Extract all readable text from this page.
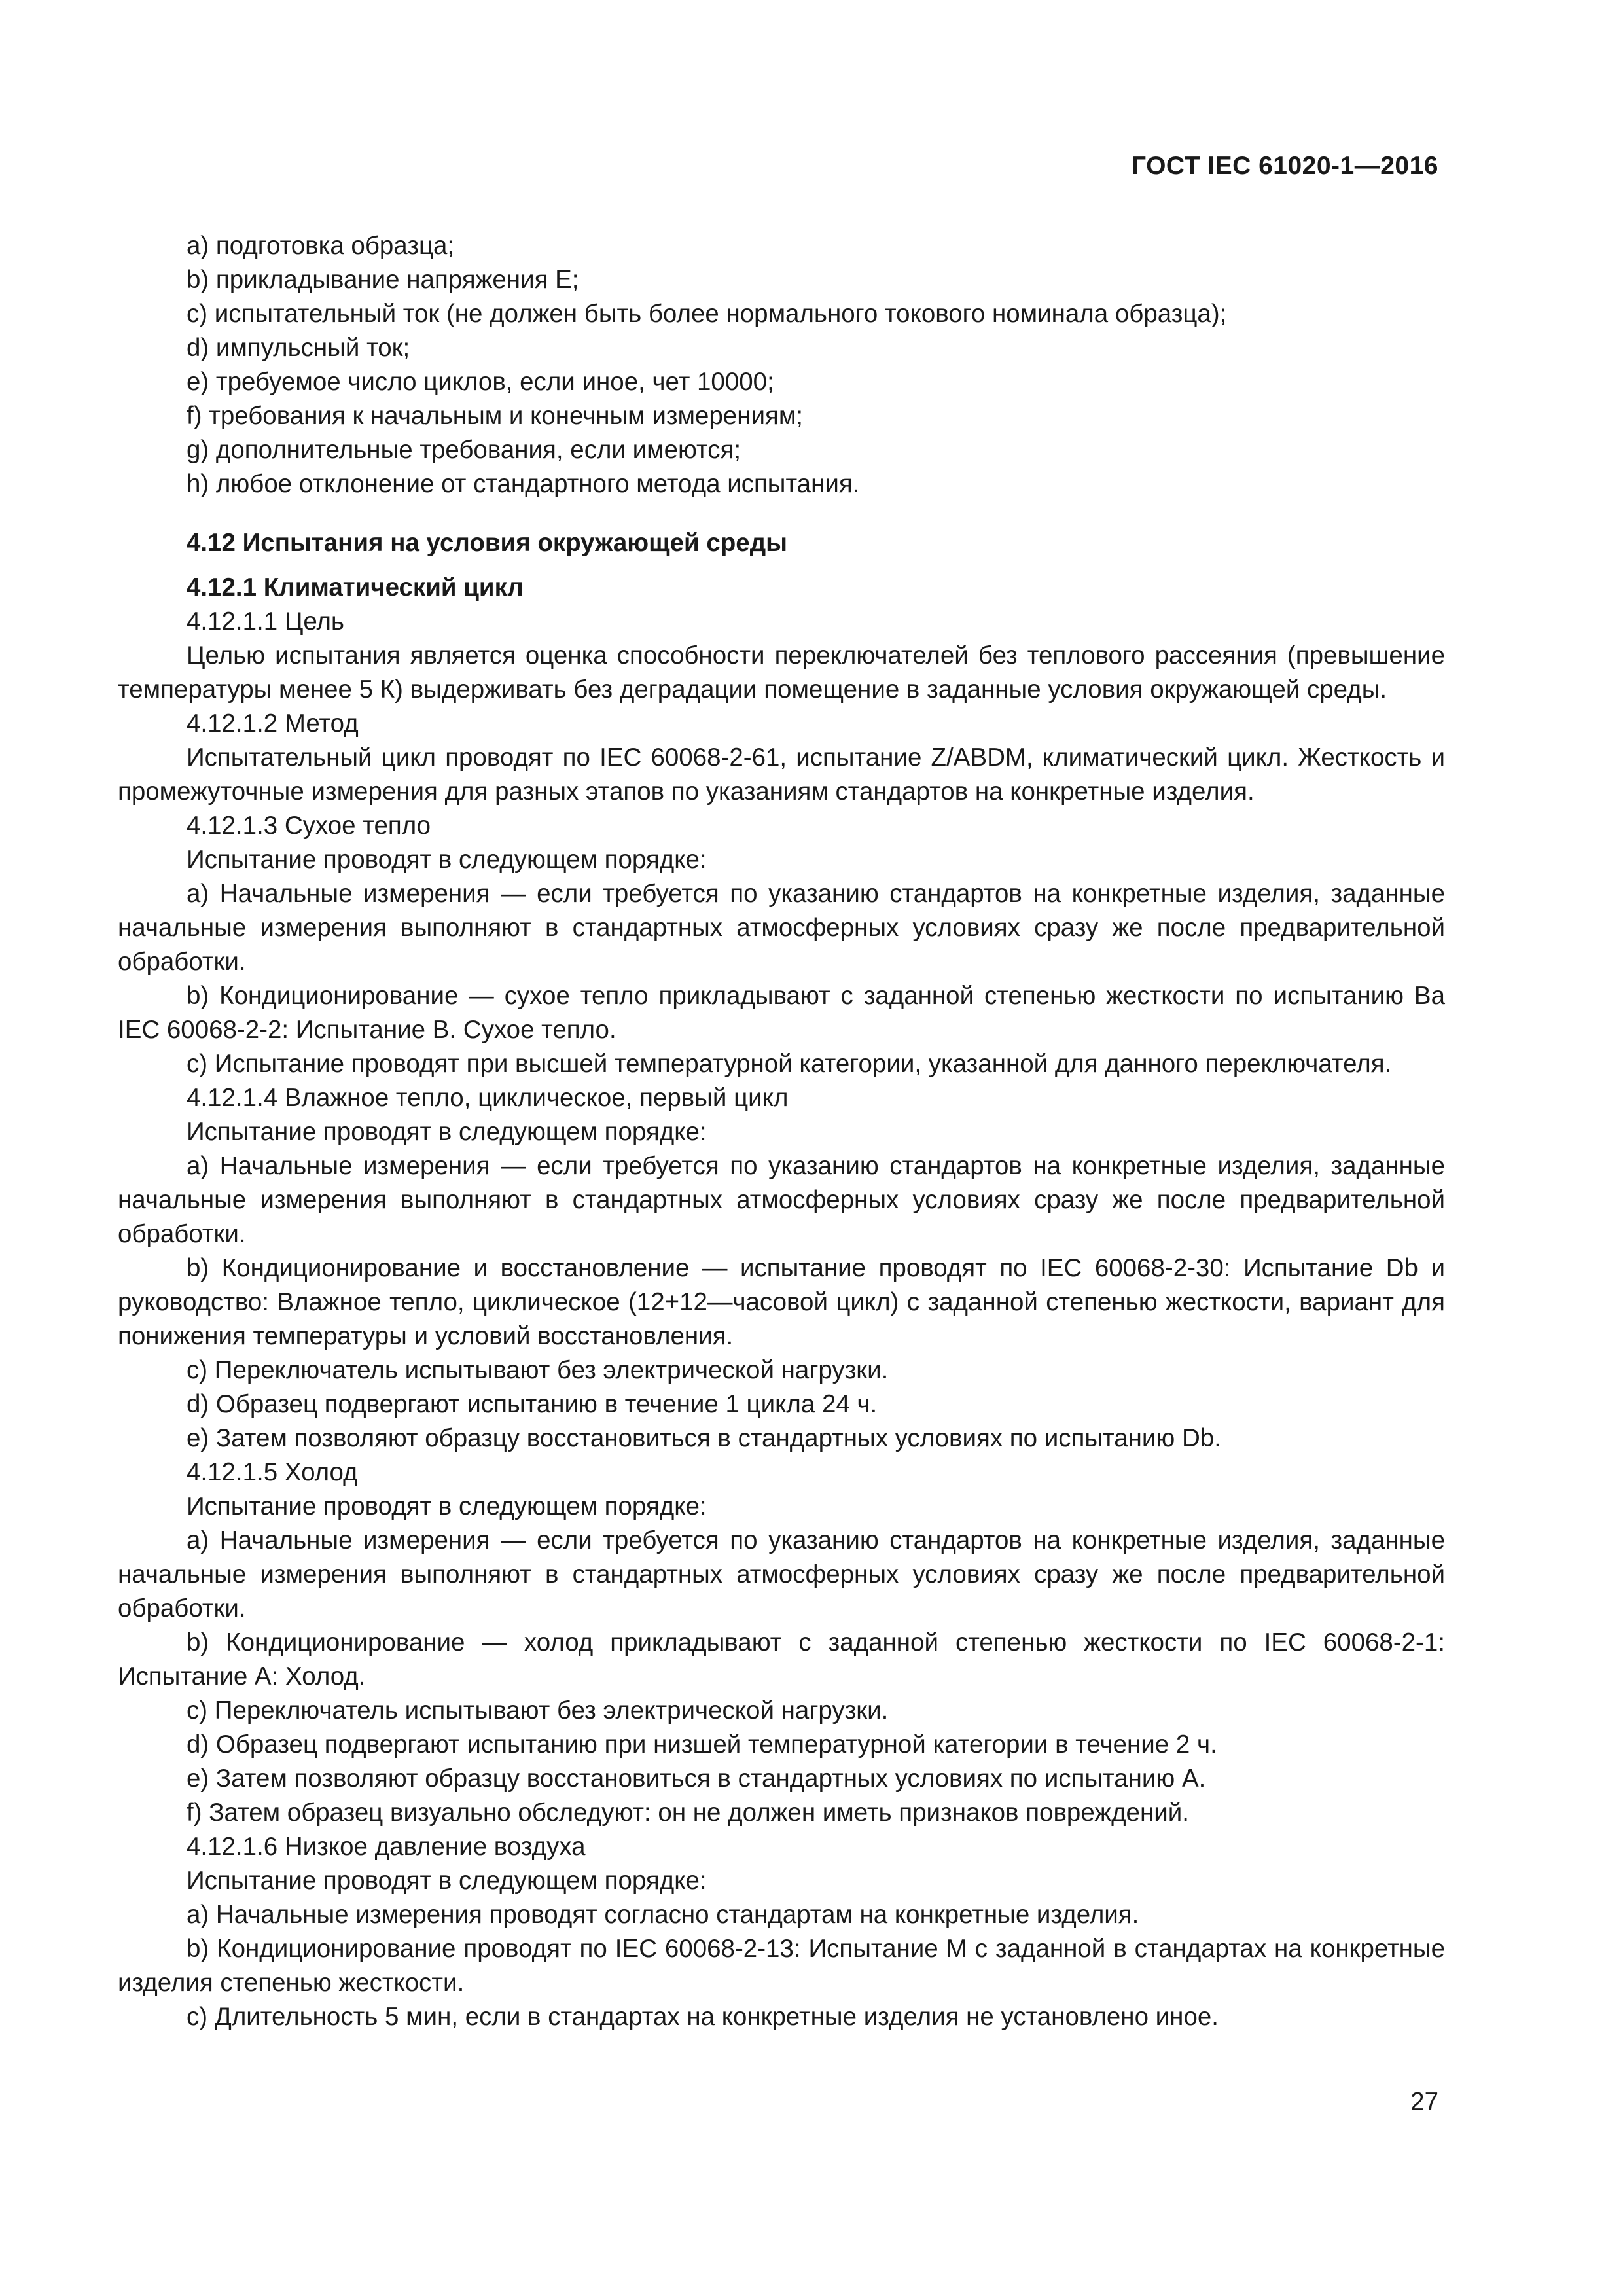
ГОСТ IEC 61020-1—2016

a) подготовка образца;

b) прикладывание напряжения E;

c) испытательный ток (не должен быть более нормального токового номинала образца);

d) импульсный ток;

e) требуемое число циклов, если иное, чет 10000;

f) требования к начальным и конечным измерениям;

g) дополнительные требования, если имеются;

h) любое отклонение от стандартного метода испытания.

4.12 Испытания на условия окружающей среды

4.12.1 Климатический цикл

4.12.1.1 Цель

Целью испытания является оценка способности переключателей без теплового рассеяния (превышение температуры менее 5 К) выдерживать без деградации помещение в заданные условия окружающей среды.

4.12.1.2 Метод

Испытательный цикл проводят по IEC 60068-2-61, испытание Z/ABDM, климатический цикл. Жесткость и промежуточные измерения для разных этапов по указаниям стандартов на конкретные изделия.

4.12.1.3 Сухое тепло

Испытание проводят в следующем порядке:

a) Начальные измерения — если требуется по указанию стандартов на конкретные изделия, заданные начальные измерения выполняют в стандартных атмосферных условиях сразу же после предварительной обработки.

b) Кондиционирование — сухое тепло прикладывают с заданной степенью жесткости по испытанию Ba IEC 60068-2-2: Испытание B. Сухое тепло.

c) Испытание проводят при высшей температурной категории, указанной для данного переключателя.

4.12.1.4 Влажное тепло, циклическое, первый цикл

Испытание проводят в следующем порядке:

a) Начальные измерения — если требуется по указанию стандартов на конкретные изделия, заданные начальные измерения выполняют в стандартных атмосферных условиях сразу же после предварительной обработки.

b) Кондиционирование и восстановление — испытание проводят по IEC 60068-2-30: Испытание Db и руководство: Влажное тепло, циклическое (12+12—часовой цикл) с заданной степенью жесткости, вариант для понижения температуры и условий восстановления.

c) Переключатель испытывают без электрической нагрузки.

d) Образец подвергают испытанию в течение 1 цикла 24 ч.

e) Затем позволяют образцу восстановиться в стандартных условиях по испытанию Db.

4.12.1.5 Холод

Испытание проводят в следующем порядке:

a) Начальные измерения — если требуется по указанию стандартов на конкретные изделия, заданные начальные измерения выполняют в стандартных атмосферных условиях сразу же после предварительной обработки.

b) Кондиционирование — холод прикладывают с заданной степенью жесткости по IEC 60068-2-1: Испытание A: Холод.

c) Переключатель испытывают без электрической нагрузки.

d) Образец подвергают испытанию при низшей температурной категории в течение 2 ч.

e) Затем позволяют образцу восстановиться в стандартных условиях по испытанию A.

f) Затем образец визуально обследуют: он не должен иметь признаков повреждений.

4.12.1.6 Низкое давление воздуха

Испытание проводят в следующем порядке:

a) Начальные измерения проводят согласно стандартам на конкретные изделия.

b) Кондиционирование проводят по IEC 60068-2-13: Испытание M с заданной в стандартах на конкретные изделия степенью жесткости.

c) Длительность 5 мин, если в стандартах на конкретные изделия не установлено иное.

27
